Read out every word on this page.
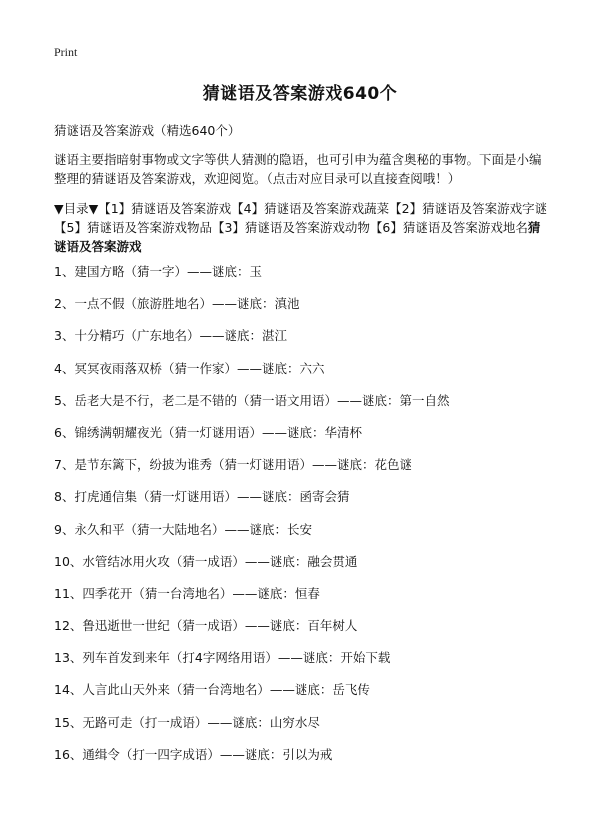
Print
猜谜语及答案游戏640个
猜谜语及答案游戏（精选640个）
谜语主要指暗射事物或文字等供人猜测的隐语，也可引申为蕴含奥秘的事物。下面是小编整理的猜谜语及答案游戏，欢迎阅览。（点击对应目录可以直接查阅哦！）
▼目录▼【1】猜谜语及答案游戏【4】猜谜语及答案游戏蔬菜【2】猜谜语及答案游戏字谜【5】猜谜语及答案游戏物品【3】猜谜语及答案游戏动物【6】猜谜语及答案游戏地名猜谜语及答案游戏
1、建国方略（猜一字）——谜底：玉
2、一点不假（旅游胜地名）——谜底：滇池
3、十分精巧（广东地名）——谜底：湛江
4、冥冥夜雨落双桥（猜一作家）——谜底：六六
5、岳老大是不行，老二是不错的（猜一语文用语）——谜底：第一自然
6、锦绣满朝耀夜光（猜一灯谜用语）——谜底：华清杯
7、是节东篱下，纷披为谁秀（猜一灯谜用语）——谜底：花色谜
8、打虎通信集（猜一灯谜用语）——谜底：函寄会猜
9、永久和平（猜一大陆地名）——谜底：长安
10、水管结冰用火攻（猜一成语）——谜底：融会贯通
11、四季花开（猜一台湾地名）——谜底：恒春
12、鲁迅逝世一世纪（猜一成语）——谜底：百年树人
13、列车首发到来年（打4字网络用语）——谜底：开始下载
14、人言此山天外来（猜一台湾地名）——谜底：岳飞传
15、无路可走（打一成语）——谜底：山穷水尽
16、通缉令（打一四字成语）——谜底：引以为戒
